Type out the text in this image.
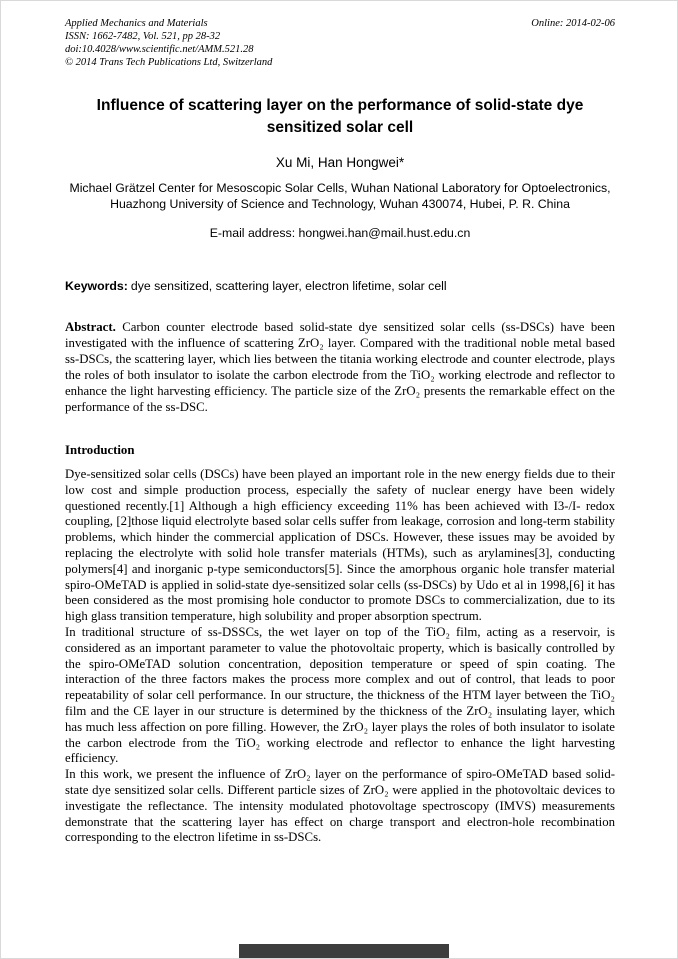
Applied Mechanics and Materials
ISSN: 1662-7482, Vol. 521, pp 28-32
doi:10.4028/www.scientific.net/AMM.521.28
© 2014 Trans Tech Publications Ltd, Switzerland
Online: 2014-02-06
Influence of scattering layer on the performance of solid-state dye sensitized solar cell
Xu Mi, Han Hongwei*
Michael Grätzel Center for Mesoscopic Solar Cells, Wuhan National Laboratory for Optoelectronics, Huazhong University of Science and Technology, Wuhan 430074, Hubei, P. R. China
E-mail address: hongwei.han@mail.hust.edu.cn
Keywords: dye sensitized, scattering layer, electron lifetime, solar cell

Abstract. Carbon counter electrode based solid-state dye sensitized solar cells (ss-DSCs) have been investigated with the influence of scattering ZrO₂ layer. Compared with the traditional noble metal based ss-DSCs, the scattering layer, which lies between the titania working electrode and counter electrode, plays the roles of both insulator to isolate the carbon electrode from the TiO₂ working electrode and reflector to enhance the light harvesting efficiency. The particle size of the ZrO₂ presents the remarkable effect on the performance of the ss-DSC.

Introduction

Dye-sensitized solar cells (DSCs) have been played an important role in the new energy fields due to their low cost and simple production process, especially the safety of nuclear energy have been widely questioned recently.[1] Although a high efficiency exceeding 11% has been achieved with I3-/I- redox coupling, [2]those liquid electrolyte based solar cells suffer from leakage, corrosion and long-term stability problems, which hinder the commercial application of DSCs. However, these issues may be avoided by replacing the electrolyte with solid hole transfer materials (HTMs), such as arylamines[3], conducting polymers[4] and inorganic p-type semiconductors[5]. Since the amorphous organic hole transfer material spiro-OMeTAD is applied in solid-state dye-sensitized solar cells (ss-DSCs) by Udo et al in 1998,[6] it has been considered as the most promising hole conductor to promote DSCs to commercialization, due to its high glass transition temperature, high solubility and proper absorption spectrum.

In traditional structure of ss-DSSCs, the wet layer on top of the TiO₂ film, acting as a reservoir, is considered as an important parameter to value the photovoltaic property, which is basically controlled by the spiro-OMeTAD solution concentration, deposition temperature or speed of spin coating. The interaction of the three factors makes the process more complex and out of control, that leads to poor repeatability of solar cell performance. In our structure, the thickness of the HTM layer between the TiO₂ film and the CE layer in our structure is determined by the thickness of the ZrO₂ insulating layer, which has much less affection on pore filling. However, the ZrO₂ layer plays the roles of both insulator to isolate the carbon electrode from the TiO₂ working electrode and reflector to enhance the light harvesting efficiency.

In this work, we present the influence of ZrO₂ layer on the performance of spiro-OMeTAD based solid-state dye sensitized solar cells. Different particle sizes of ZrO₂ were applied in the photovoltaic devices to investigate the reflectance. The intensity modulated photovoltage spectroscopy (IMVS) measurements demonstrate that the scattering layer has effect on charge transport and electron-hole recombination corresponding to the electron lifetime in ss-DSCs.
